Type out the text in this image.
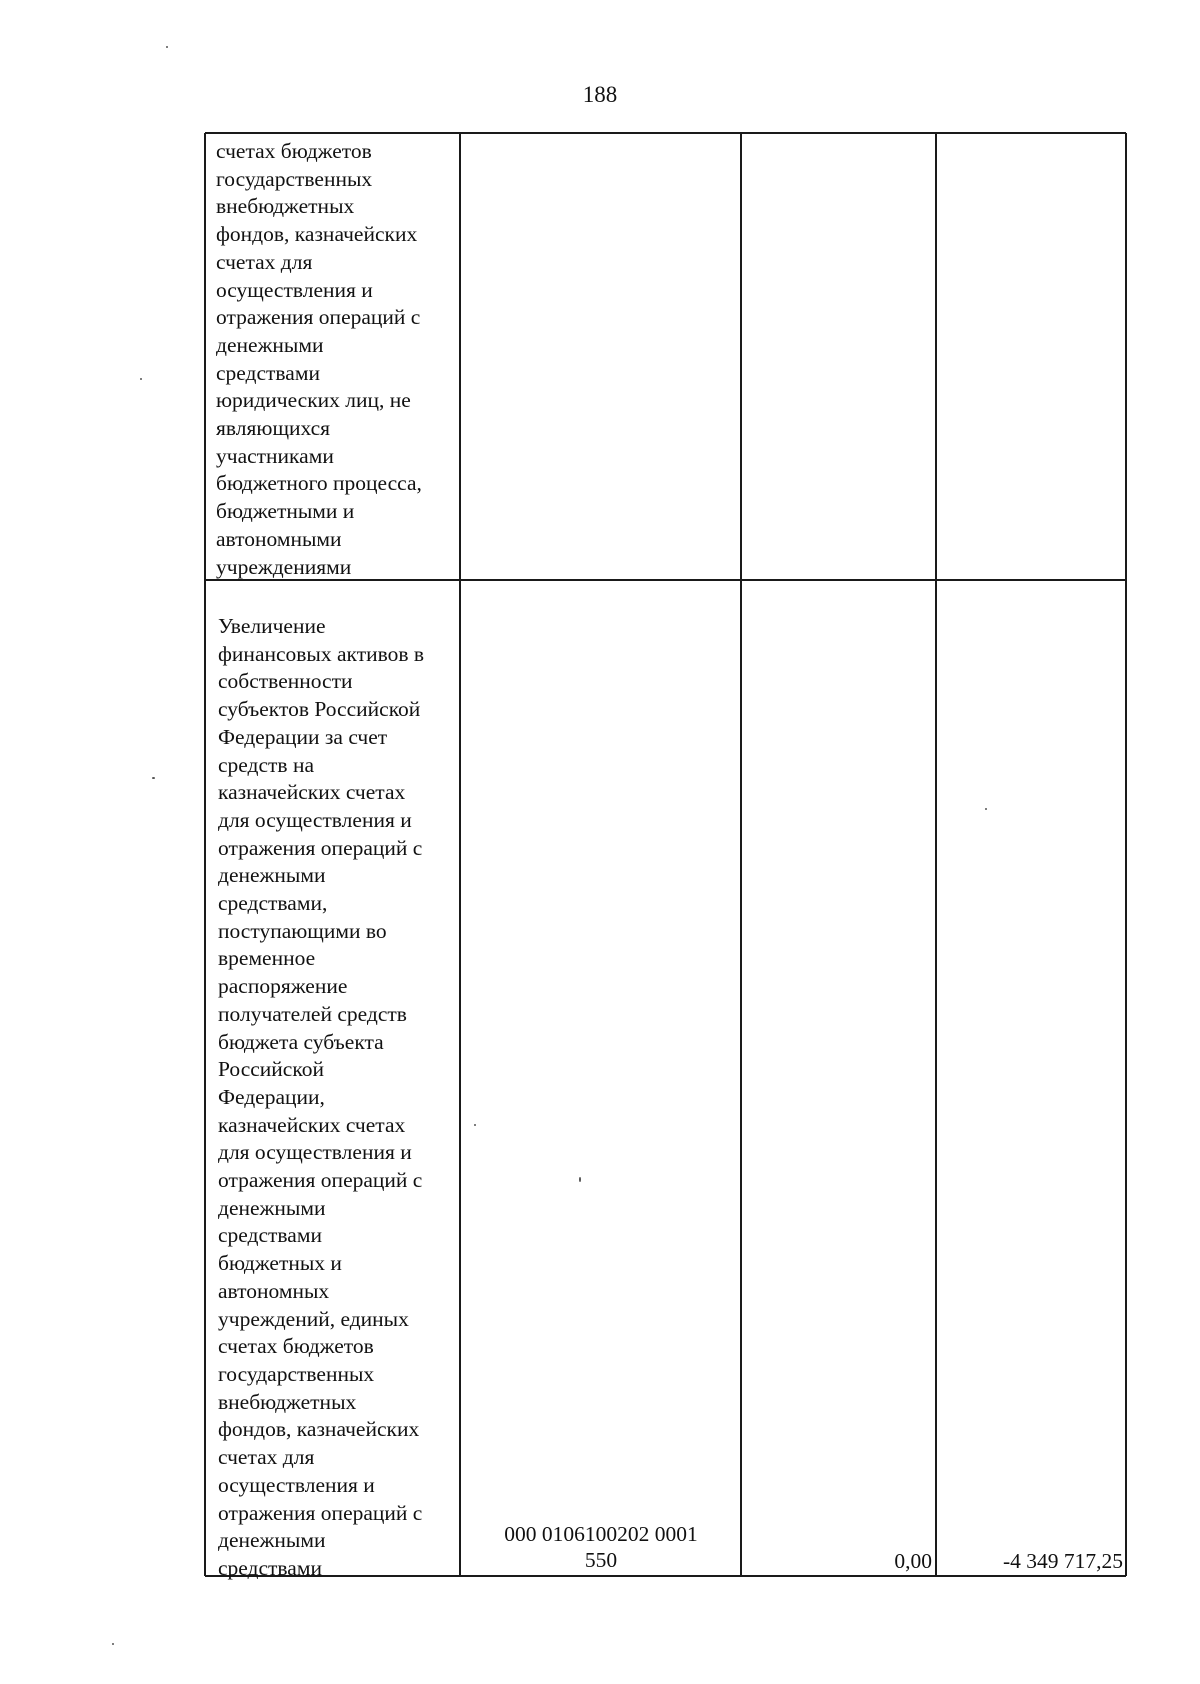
188
счетах бюджетов
государственных
внебюджетных
фондов, казначейских
счетах для
осуществления и
отражения операций с
денежными
средствами
юридических лиц, не
являющихся
участниками
бюджетного процесса,
бюджетными и
автономными
учреждениями
Увеличение
финансовых активов в
собственности
субъектов Российской
Федерации за счет
средств на
казначейских счетах
для осуществления и
отражения операций с
денежными
средствами,
поступающими во
временное
распоряжение
получателей средств
бюджета субъекта
Российской
Федерации,
казначейских счетах
для осуществления и
отражения операций с
денежными
средствами
бюджетных и
автономных
учреждений, единых
счетах бюджетов
государственных
внебюджетных
фондов, казначейских
счетах для
осуществления и
отражения операций с
денежными
средствами
000 0106100202 0001
550	0,00	-4 349 717,25
